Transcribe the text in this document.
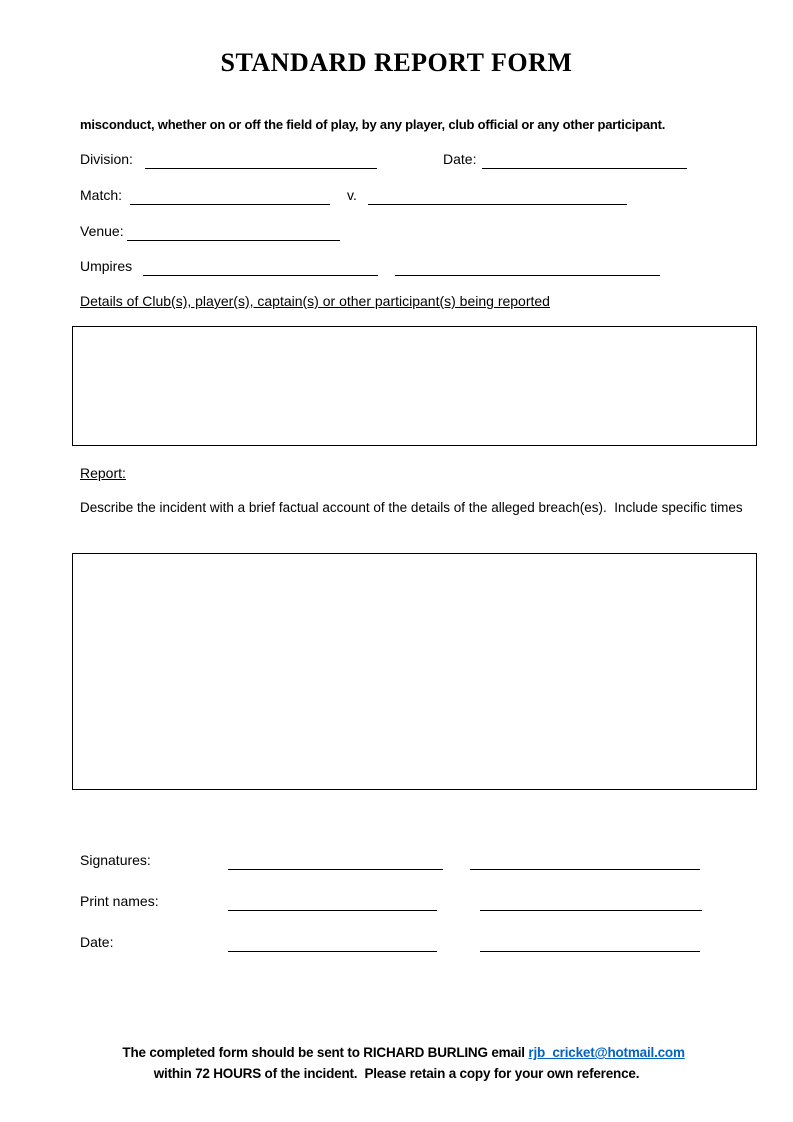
STANDARD REPORT FORM
misconduct, whether on or off the field of play, by any player, club official or any other participant.
Division:	Date:
Match:	v.
Venue:
Umpires
Details of Club(s), player(s), captain(s) or other participant(s) being reported
Report:
Describe the incident with a brief factual account of the details of the alleged breach(es).  Include specific times
Signatures:
Print names:
Date:

The completed form should be sent to RICHARD BURLING email rjb_cricket@hotmail.com

within 72 HOURS of the incident.  Please retain a copy for your own reference.
